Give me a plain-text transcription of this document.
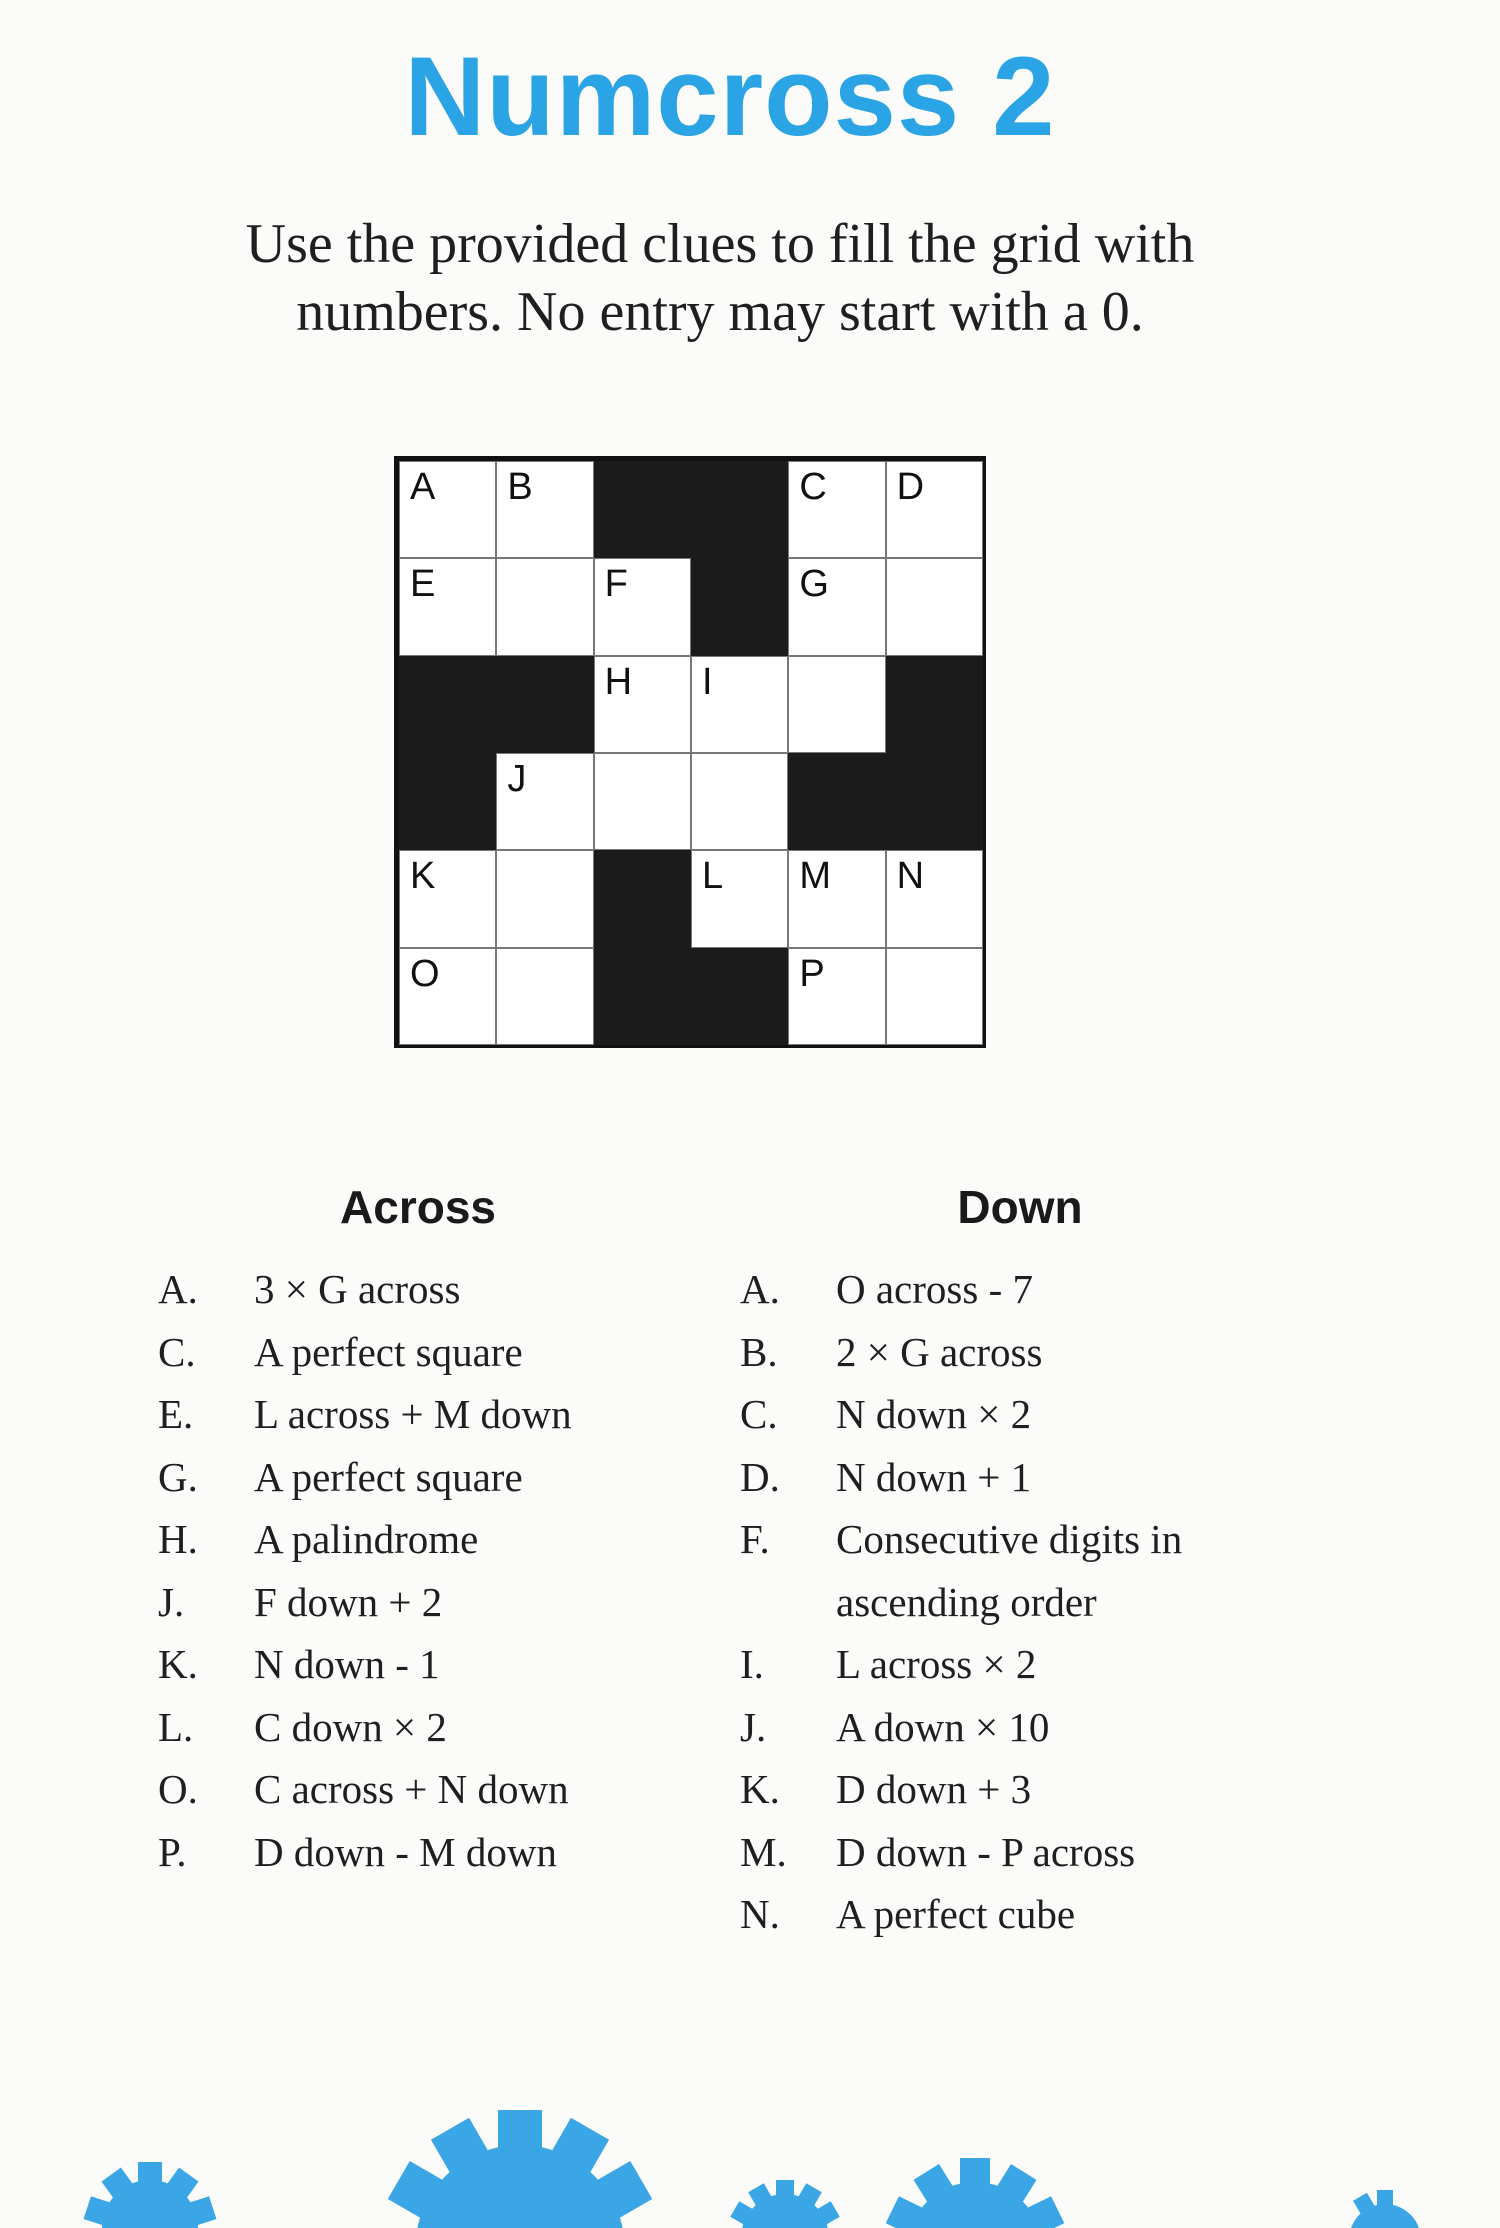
Numcross 2

Use the provided clues to fill the grid with numbers. No entry may start with a 0.

A B	C D
E	F	G
H I
J
K	L M N
O	P
Across
A.	3 × G across
C.	A perfect square
E.	L across + M down
G.	A perfect square
H.	A palindrome
J.	F down + 2
K.	N down - 1
L.	C down × 2
O.	C across + N down
P.	D down - M down
Down
A.	O across - 7
B.	2 × G across
C.	N down × 2
D.	N down + 1
F.	Consecutive digits in
ascending order
I.	L across × 2
J.	A down × 10
K.	D down + 3
M.	D down - P across
N.	A perfect cube
